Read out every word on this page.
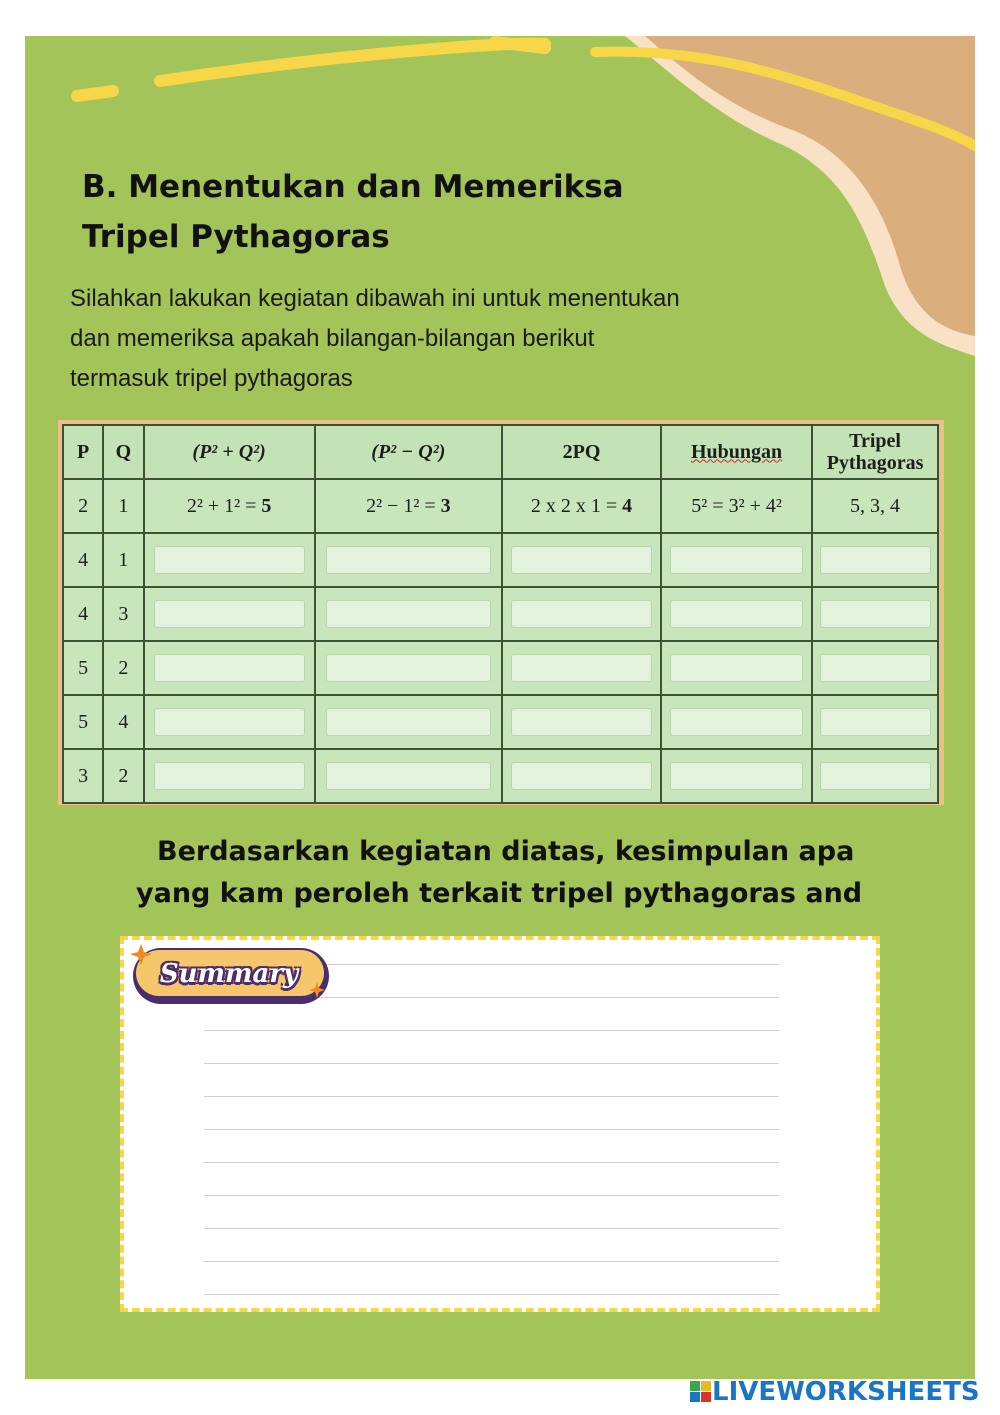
B. Menentukan dan Memeriksa
Tripel Pythagoras

Silahkan lakukan kegiatan dibawah ini untuk menentukan
dan memeriksa apakah bilangan-bilangan berikut
termasuk tripel pythagoras

P	Q	(P² + Q²)	(P² − Q²)	2PQ	Hubungan	Tripel
Pythagoras
2	1	2² + 1² = 5	2² − 1² = 3	2 x 2 x 1 = 4	5² = 3² + 4²	5, 3, 4
4	1	

4	3	

5	2	

5	4	

3	2	

Berdasarkan kegiatan diatas, kesimpulan apa
yang kam peroleh terkait tripel pythagoras and

Summary
LIVEWORKSHEETS
